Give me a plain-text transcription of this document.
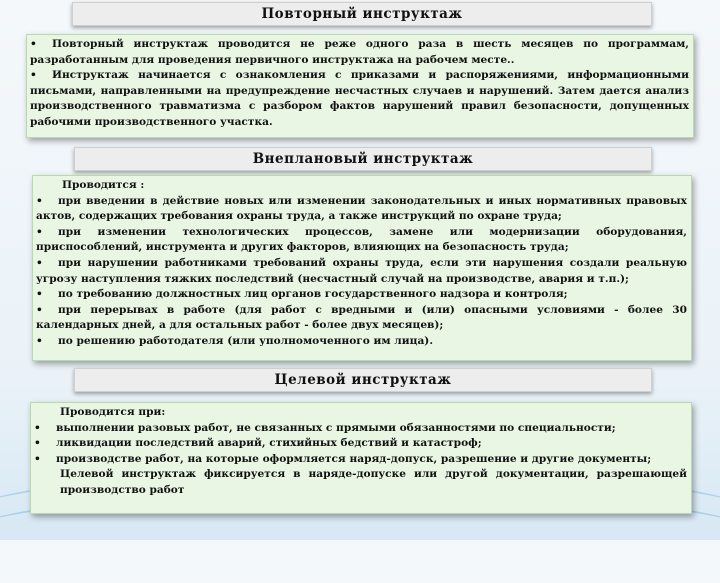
Повторный инструктаж

• Повторный инструктаж проводится не реже одного раза в шесть месяцев по программам, разработанным для проведения первичного инструктажа на рабочем месте..

• Инструктаж начинается с ознакомления с приказами и распоряжениями, информационными письмами, направленными на предупреждение несчастных случаев и нарушений. Затем дается анализ производственного травматизма с разбором фактов нарушений правил безопасности, допущенных рабочими производственного участка.

Внеплановый инструктаж

Проводится :

• при введении в действие новых или изменении законодательных и иных нормативных правовых актов, содержащих требования охраны труда, а также инструкций по охране труда;

• при изменении технологических процессов, замене или модернизации оборудования, приспособлений, инструмента и других факторов, влияющих на безопасность труда;

• при нарушении работниками требований охраны труда, если эти нарушения создали реальную угрозу наступления тяжких последствий (несчастный случай на производстве, авария и т.п.);

• по требованию должностных лиц органов государственного надзора и контроля;

• при перерывах в работе (для работ с вредными и (или) опасными условиями - более 30 календарных дней, а для остальных работ - более двух месяцев);

• по решению работодателя (или уполномоченного им лица).

Целевой инструктаж

Проводится при:

• выполнении разовых работ, не связанных с прямыми обязанностями по специальности;

• ликвидации последствий аварий, стихийных бедствий и катастроф;

• производстве работ, на которые оформляется наряд-допуск, разрешение и другие документы;

Целевой инструктаж фиксируется в наряде-допуске или другой документации, разрешающей производство работ
